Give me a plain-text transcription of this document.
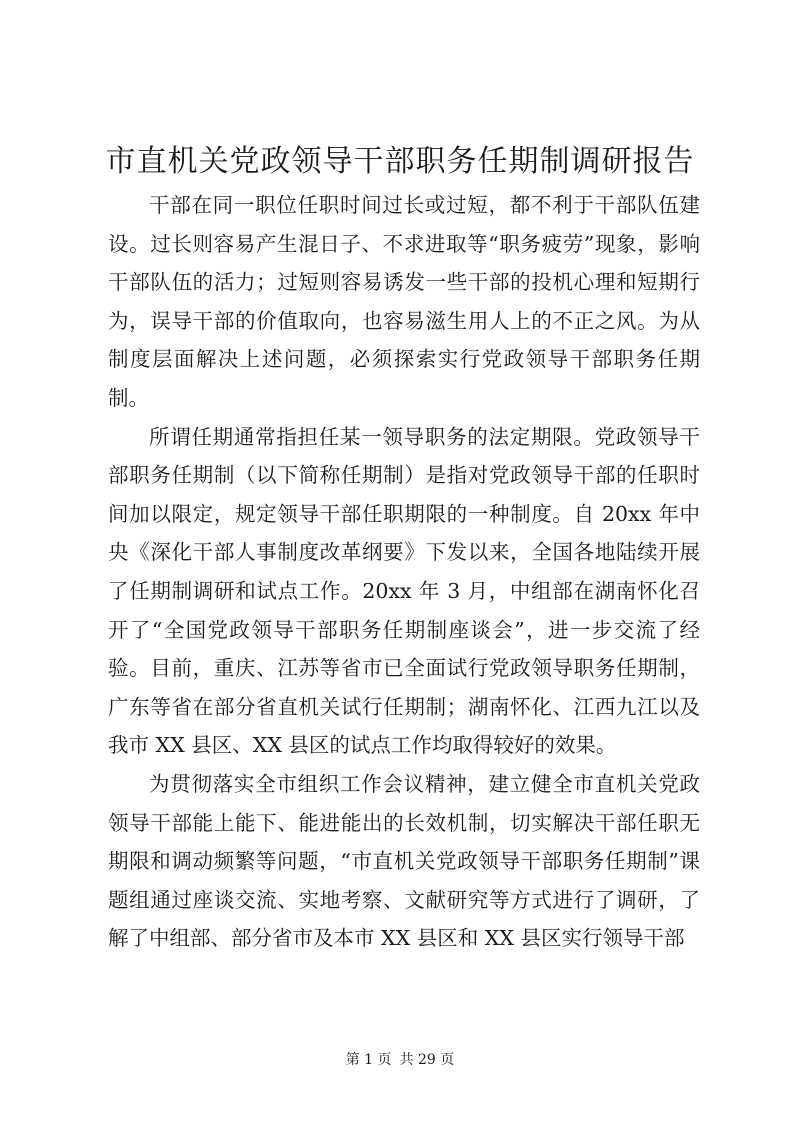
市直机关党政领导干部职务任期制调研报告

干部在同一职位任职时间过长或过短，都不利于干部队伍建设。过长则容易产生混日子、不求进取等“职务疲劳”现象，影响干部队伍的活力；过短则容易诱发一些干部的投机心理和短期行为，误导干部的价值取向，也容易滋生用人上的不正之风。为从制度层面解决上述问题，必须探索实行党政领导干部职务任期制。

所谓任期通常指担任某一领导职务的法定期限。党政领导干部职务任期制（以下简称任期制）是指对党政领导干部的任职时间加以限定，规定领导干部任职期限的一种制度。自 20xx 年中央《深化干部人事制度改革纲要》下发以来，全国各地陆续开展了任期制调研和试点工作。20xx 年 3 月，中组部在湖南怀化召开了“全国党政领导干部职务任期制座谈会”，进一步交流了经验。目前，重庆、江苏等省市已全面试行党政领导职务任期制，广东等省在部分省直机关试行任期制；湖南怀化、江西九江以及我市 XX 县区、XX 县区的试点工作均取得较好的效果。

为贯彻落实全市组织工作会议精神，建立健全市直机关党政领导干部能上能下、能进能出的长效机制，切实解决干部任职无期限和调动频繁等问题，“市直机关党政领导干部职务任期制”课题组通过座谈交流、实地考察、文献研究等方式进行了调研，了解了中组部、部分省市及本市 XX 县区和 XX 县区实行领导干部

第 1 页 共 29 页
